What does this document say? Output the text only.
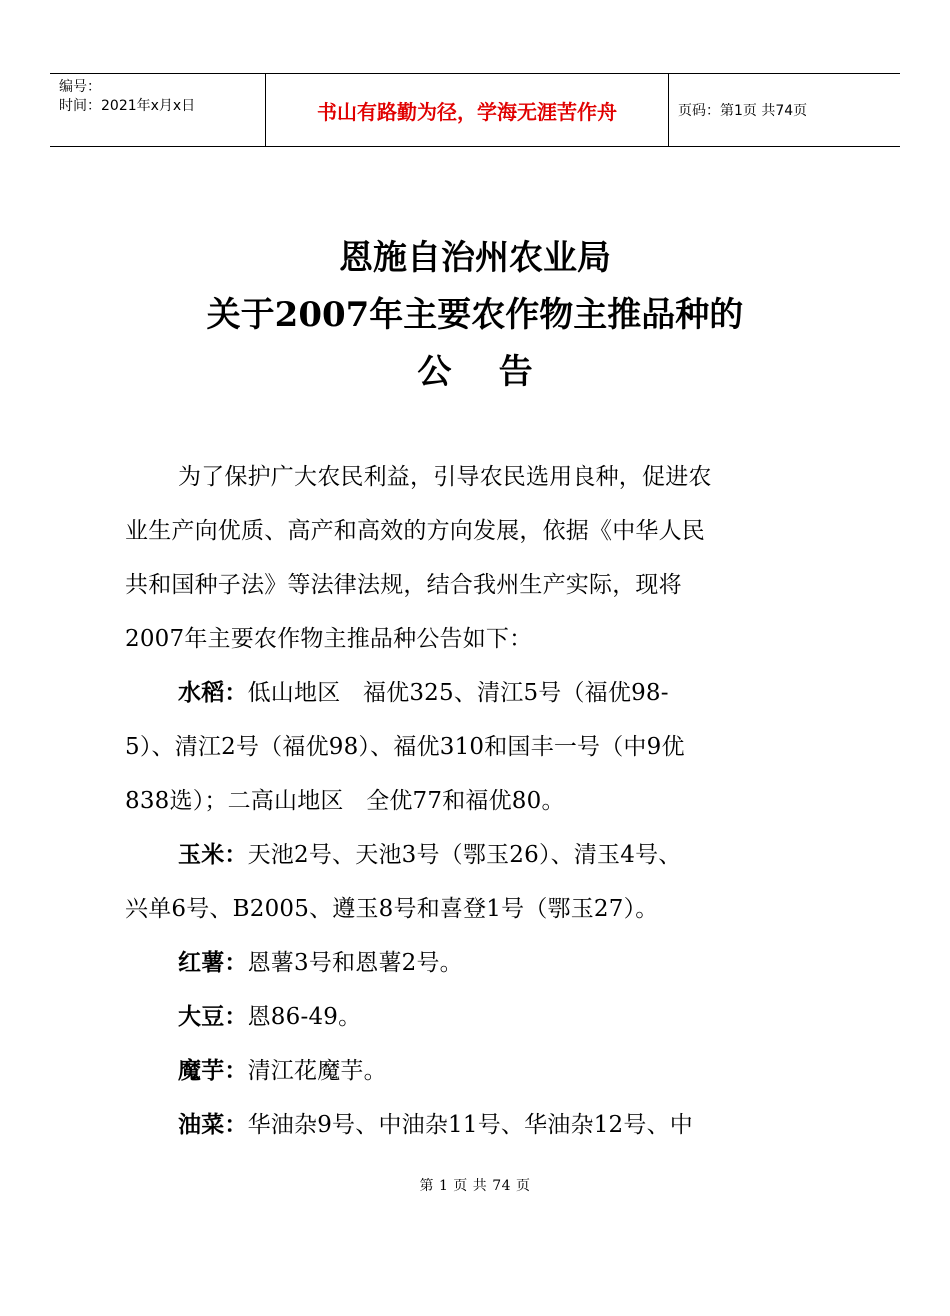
编号：
时间：2021年x月x日	书山有路勤为径，学海无涯苦作舟	页码：第1页 共74页
恩施自治州农业局
关于2007年主要农作物主推品种的
公    告
为了保护广大农民利益，引导农民选用良种，促进农
业生产向优质、高产和高效的方向发展，依据《中华人民
共和国种子法》等法律法规，结合我州生产实际，现将
2007年主要农作物主推品种公告如下：
水稻：低山地区   福优325、清江5号（福优98-
5）、清江2号（福优98）、福优310和国丰一号（中9优
838选）；二高山地区   全优77和福优80。
玉米：天池2号、天池3号（鄂玉26）、清玉4号、
兴单6号、B2005、遵玉8号和喜登1号（鄂玉27）。
红薯：恩薯3号和恩薯2号。
大豆：恩86-49。
魔芋：清江花魔芋。
油菜：华油杂9号、中油杂11号、华油杂12号、中
第 1 页 共 74 页
